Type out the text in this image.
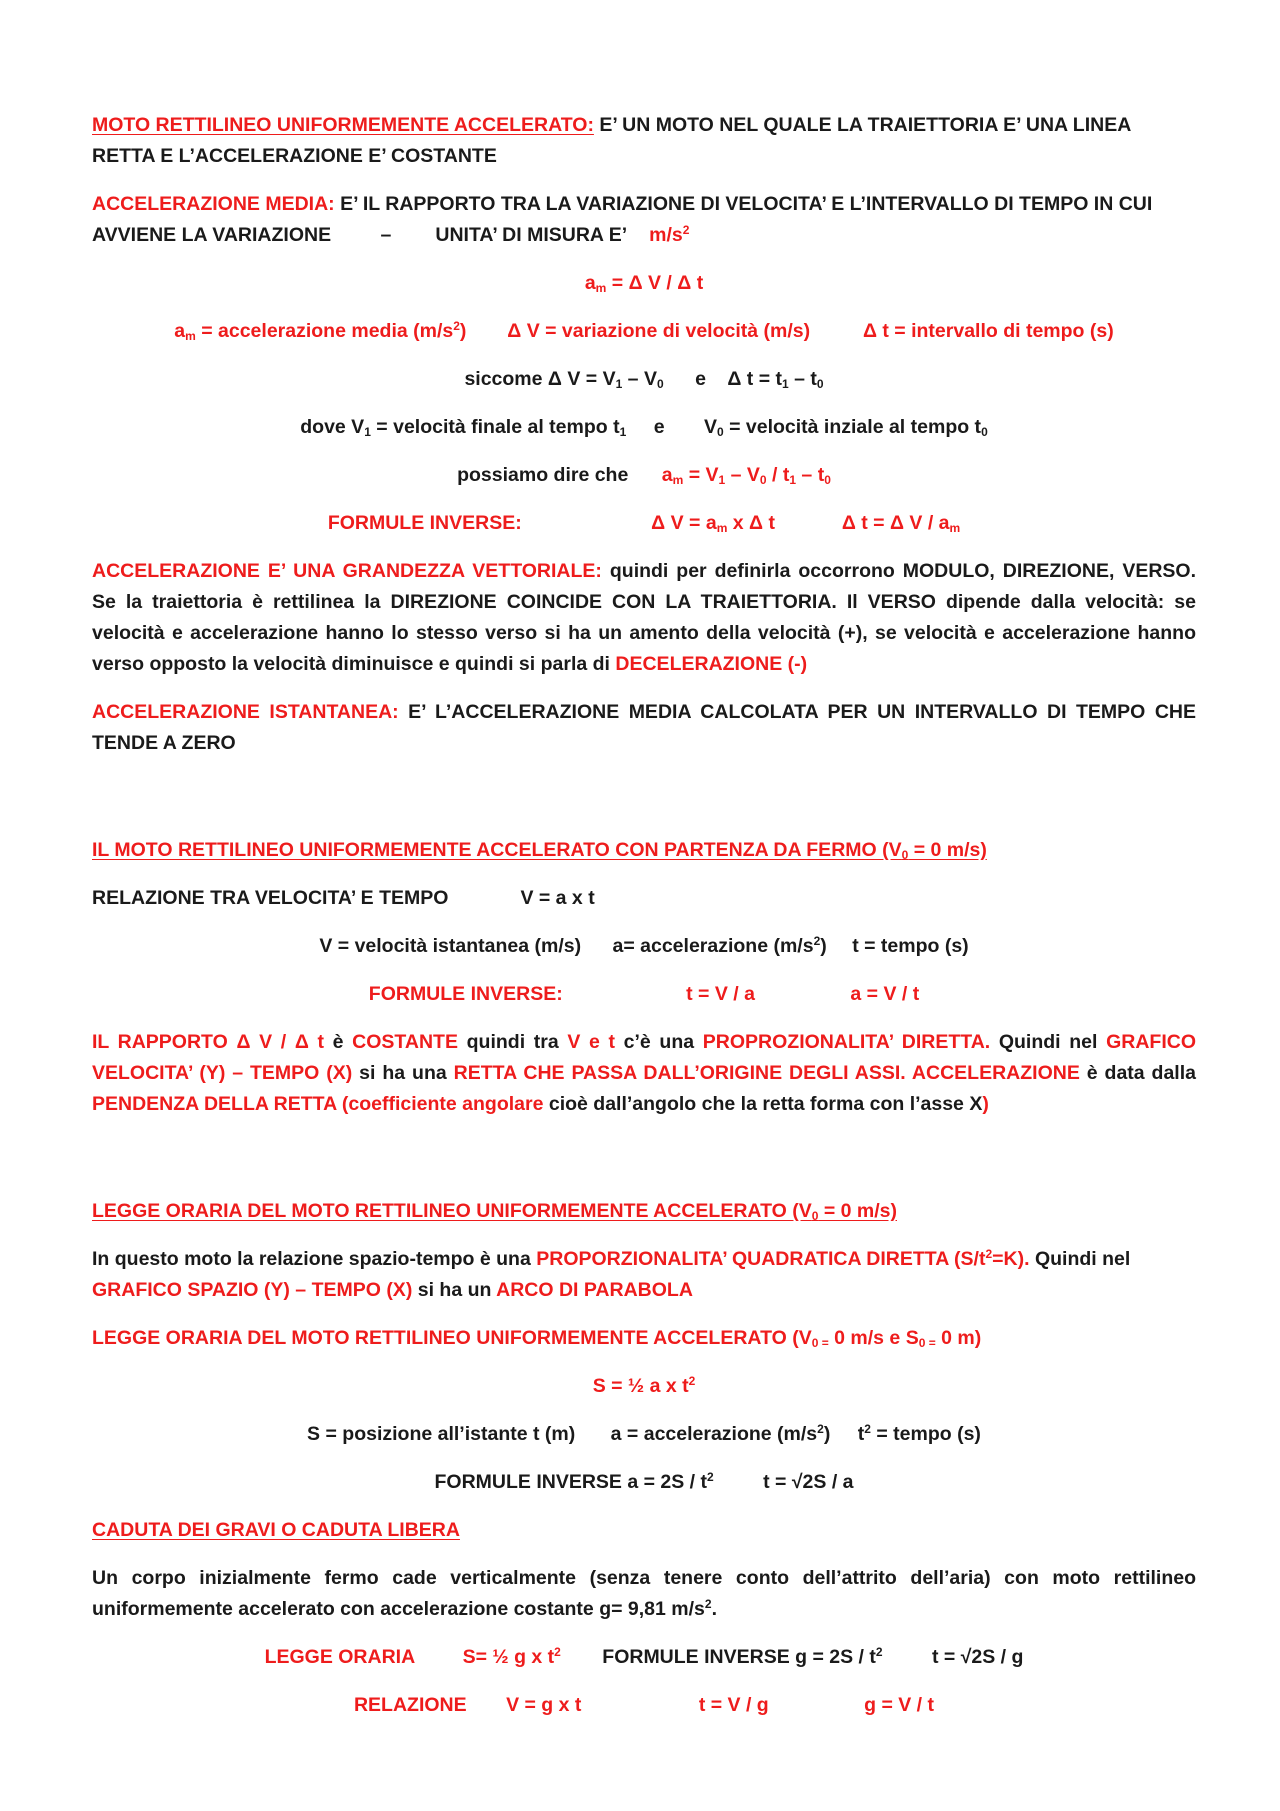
MOTO RETTILINEO UNIFORMEMENTE ACCELERATO: E’ UN MOTO NEL QUALE LA TRAIETTORIA E’ UNA LINEA RETTA E L’ACCELERAZIONE E’ COSTANTE

ACCELERAZIONE MEDIA: E’ IL RAPPORTO TRA LA VARIAZIONE DI VELOCITA’ E L’INTERVALLO DI TEMPO IN CUI AVVIENE LA VARIAZIONE	– UNITA’ DI MISURA E’ $m/s^2$

$a_m = \Delta$ V / Δ t

$a_m$ = accelerazione media $(m/s^2)$ Δ V = variazione di velocità (m/s)	Δ t = intervallo di tempo (s)

siccome Δ $V = V_1 - V_0$ e Δ $t = t_1 - t_0$

dove $V_1$ = velocità finale al tempo $t_1$ e $V_0$ = velocità inziale al tempo $t_0$

possiamo dire che $a_m = V_1 - V_0 / t_1 - t_0$

FORMULE INVERSE:	Δ $V = a_m$ x Δ t	Δ t = Δ V / $a_m$

ACCELERAZIONE E’ UNA GRANDEZZA VETTORIALE: quindi per definirla occorrono MODULO, DIREZIONE, VERSO. Se la traiettoria è rettilinea la DIREZIONE COINCIDE CON LA TRAIETTORIA. Il VERSO dipende dalla velocità: se velocità e accelerazione hanno lo stesso verso si ha un amento della velocità (+), se velocità e accelerazione hanno verso opposto la velocità diminuisce e quindi si parla di DECELERAZIONE (-)

ACCELERAZIONE ISTANTANEA: E’ L’ACCELERAZIONE MEDIA CALCOLATA PER UN INTERVALLO DI TEMPO CHE TENDE A ZERO

IL MOTO RETTILINEO UNIFORMEMENTE ACCELERATO CON PARTENZA DA FERMO ($V_0 = 0$ m/s)

RELAZIONE TRA VELOCITA’ E TEMPO	V = a x t

V = velocità istantanea (m/s) a= accelerazione $(m/s^2) t$ = tempo (s)

FORMULE INVERSE:	t = V / a	a = V / t

IL RAPPORTO Δ V / Δ t è COSTANTE quindi tra V e t c’è una PROPROZIONALITA’ DIRETTA. Quindi nel GRAFICO VELOCITA’ (Y) – TEMPO (X) si ha una RETTA CHE PASSA DALL’ORIGINE DEGLI ASSI. ACCELERAZIONE è data dalla PENDENZA DELLA RETTA (coefficiente angolare cioè dall’angolo che la retta forma con l’asse X)

LEGGE ORARIA DEL MOTO RETTILINEO UNIFORMEMENTE ACCELERATO ($V_0 = 0$ m/s)

In questo moto la relazione spazio-tempo è una PROPORZIONALITA’ QUADRATICA DIRETTA $(S/t^2=K)$. Quindi nel GRAFICO SPAZIO (Y) – TEMPO (X) si ha un ARCO DI PARABOLA

LEGGE ORARIA DEL MOTO RETTILINEO UNIFORMEMENTE ACCELERATO ($V_{0 =}$ 0 m/s e $S_{0 =}$ 0 m)

S = ½ a x $t^2$

S = posizione all’istante t (m) a = accelerazione $(m/s^2) t^2$ = tempo (s)

FORMULE INVERSE $a = 2S / t^2$	t = √2S / a

CADUTA DEI GRAVI O CADUTA LIBERA

Un corpo inizialmente fermo cade verticalmente (senza tenere conto dell’attrito dell’aria) con moto rettilineo uniformemente accelerato con accelerazione costante g= 9,81 $m/s^2$.

LEGGE ORARIA S= ½ g x $t^2$ FORMULE INVERSE $g = 2S / t^2$	t = √2S / g

RELAZIONE V = g x t	t = V / g	g = V / t
